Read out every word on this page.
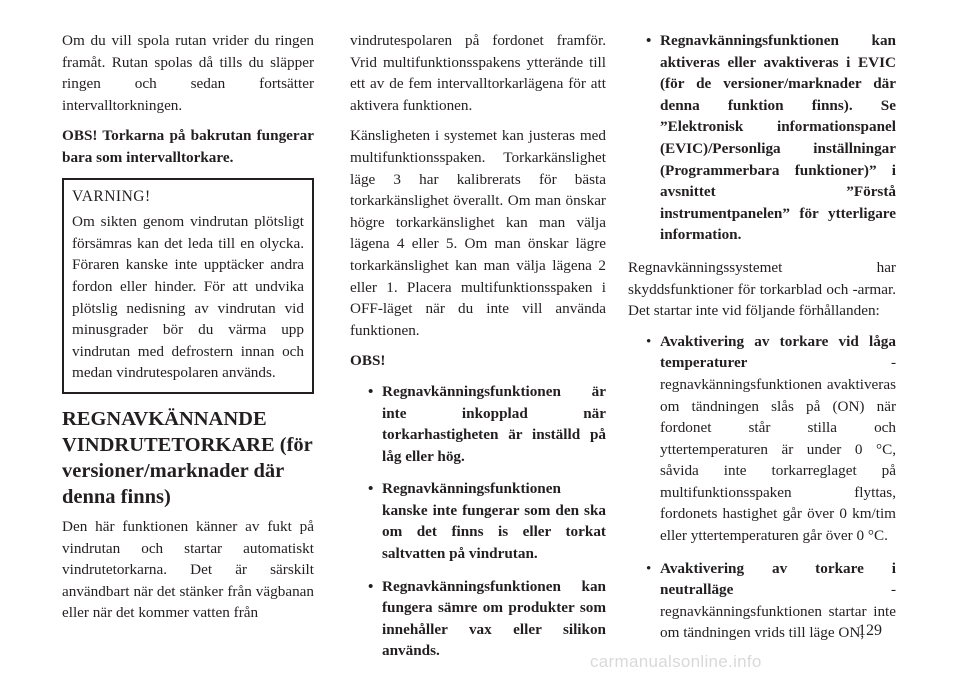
Om du vill spola rutan vrider du ringen framåt. Rutan spolas då tills du släpper ringen och sedan fortsätter intervalltorkningen.

OBS! Torkarna på bakrutan fungerar bara som intervalltorkare.

VARNING!

Om sikten genom vindrutan plötsligt försämras kan det leda till en olycka. Föraren kanske inte upptäcker andra fordon eller hinder. För att undvika plötslig nedisning av vindrutan vid minusgrader bör du värma upp vindrutan med defrostern innan och medan vindrutespolaren används.

REGNAVKÄNNANDE VINDRUTETORKARE (för versioner/marknader där denna finns)

Den här funktionen känner av fukt på vindrutan och startar automatiskt vindrutetorkarna. Det är särskilt användbart när det stänker från vägbanan eller när det kommer vatten från

vindrutespolaren på fordonet framför. Vrid multifunktionsspakens ytterände till ett av de fem intervalltorkarlägena för att aktivera funktionen.

Känsligheten i systemet kan justeras med multifunktionsspaken. Torkarkänslighet läge 3 har kalibrerats för bästa torkarkänslighet överallt. Om man önskar högre torkarkänslighet kan man välja lägena 4 eller 5. Om man önskar lägre torkarkänslighet kan man välja lägena 2 eller 1. Placera multifunktionsspaken i OFF-läget när du inte vill använda funktionen.

OBS!

• Regnavkänningsfunktionen är inte inkopplad när torkarhastigheten är inställd på låg eller hög.
• Regnavkänningsfunktionen kanske inte fungerar som den ska om det finns is eller torkat saltvatten på vindrutan.
• Regnavkänningsfunktionen kan fungera sämre om produkter som innehåller vax eller silikon används.
• Regnavkänningsfunktionen kan aktiveras eller avaktiveras i EVIC (för de versioner/marknader där denna funktion finns). Se ”Elektronisk informationspanel (EVIC)/Personliga inställningar (Programmerbara funktioner)” i avsnittet ”Förstå instrumentpanelen” för ytterligare information.

Regnavkänningssystemet har skyddsfunktioner för torkarblad och -armar. Det startar inte vid följande förhållanden:

• Avaktivering av torkare vid låga temperaturer - regnavkänningsfunktionen avaktiveras om tändningen slås på (ON) när fordonet står stilla och yttertemperaturen är under 0 °C, såvida inte torkarreglaget på multifunktionsspaken flyttas, fordonets hastighet går över 0 km/tim eller yttertemperaturen går över 0 °C.
• Avaktivering av torkare i neutralläge - regnavkänningsfunktionen startar inte om tändningen vrids till läge ON,
129
carmanualsonline.info
